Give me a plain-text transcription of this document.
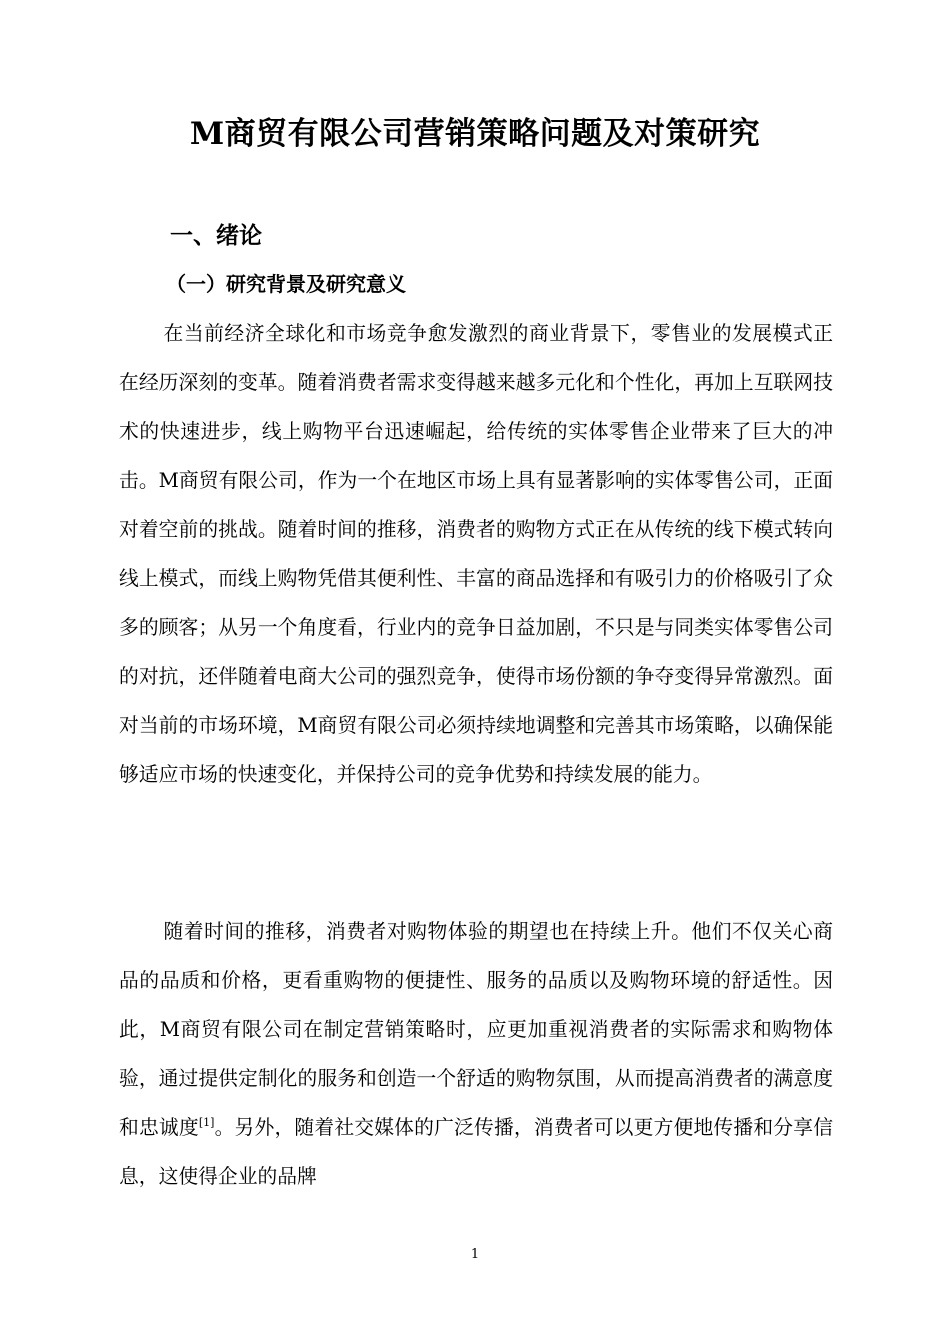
M商贸有限公司营销策略问题及对策研究
一、绪论
（一）研究背景及研究意义

在当前经济全球化和市场竞争愈发激烈的商业背景下，零售业的发展模式正在经历深刻的变革。随着消费者需求变得越来越多元化和个性化，再加上互联网技术的快速进步，线上购物平台迅速崛起，给传统的实体零售企业带来了巨大的冲击。M商贸有限公司，作为一个在地区市场上具有显著影响的实体零售公司，正面对着空前的挑战。随着时间的推移，消费者的购物方式正在从传统的线下模式转向线上模式，而线上购物凭借其便利性、丰富的商品选择和有吸引力的价格吸引了众多的顾客；从另一个角度看，行业内的竞争日益加剧，不只是与同类实体零售公司的对抗，还伴随着电商大公司的强烈竞争，使得市场份额的争夺变得异常激烈。面对当前的市场环境，M商贸有限公司必须持续地调整和完善其市场策略，以确保能够适应市场的快速变化，并保持公司的竞争优势和持续发展的能力。

随着时间的推移，消费者对购物体验的期望也在持续上升。他们不仅关心商品的品质和价格，更看重购物的便捷性、服务的品质以及购物环境的舒适性。因此，M商贸有限公司在制定营销策略时，应更加重视消费者的实际需求和购物体验，通过提供定制化的服务和创造一个舒适的购物氛围，从而提高消费者的满意度和忠诚度[1]。另外，随着社交媒体的广泛传播，消费者可以更方便地传播和分享信息，这使得企业的品牌

1
